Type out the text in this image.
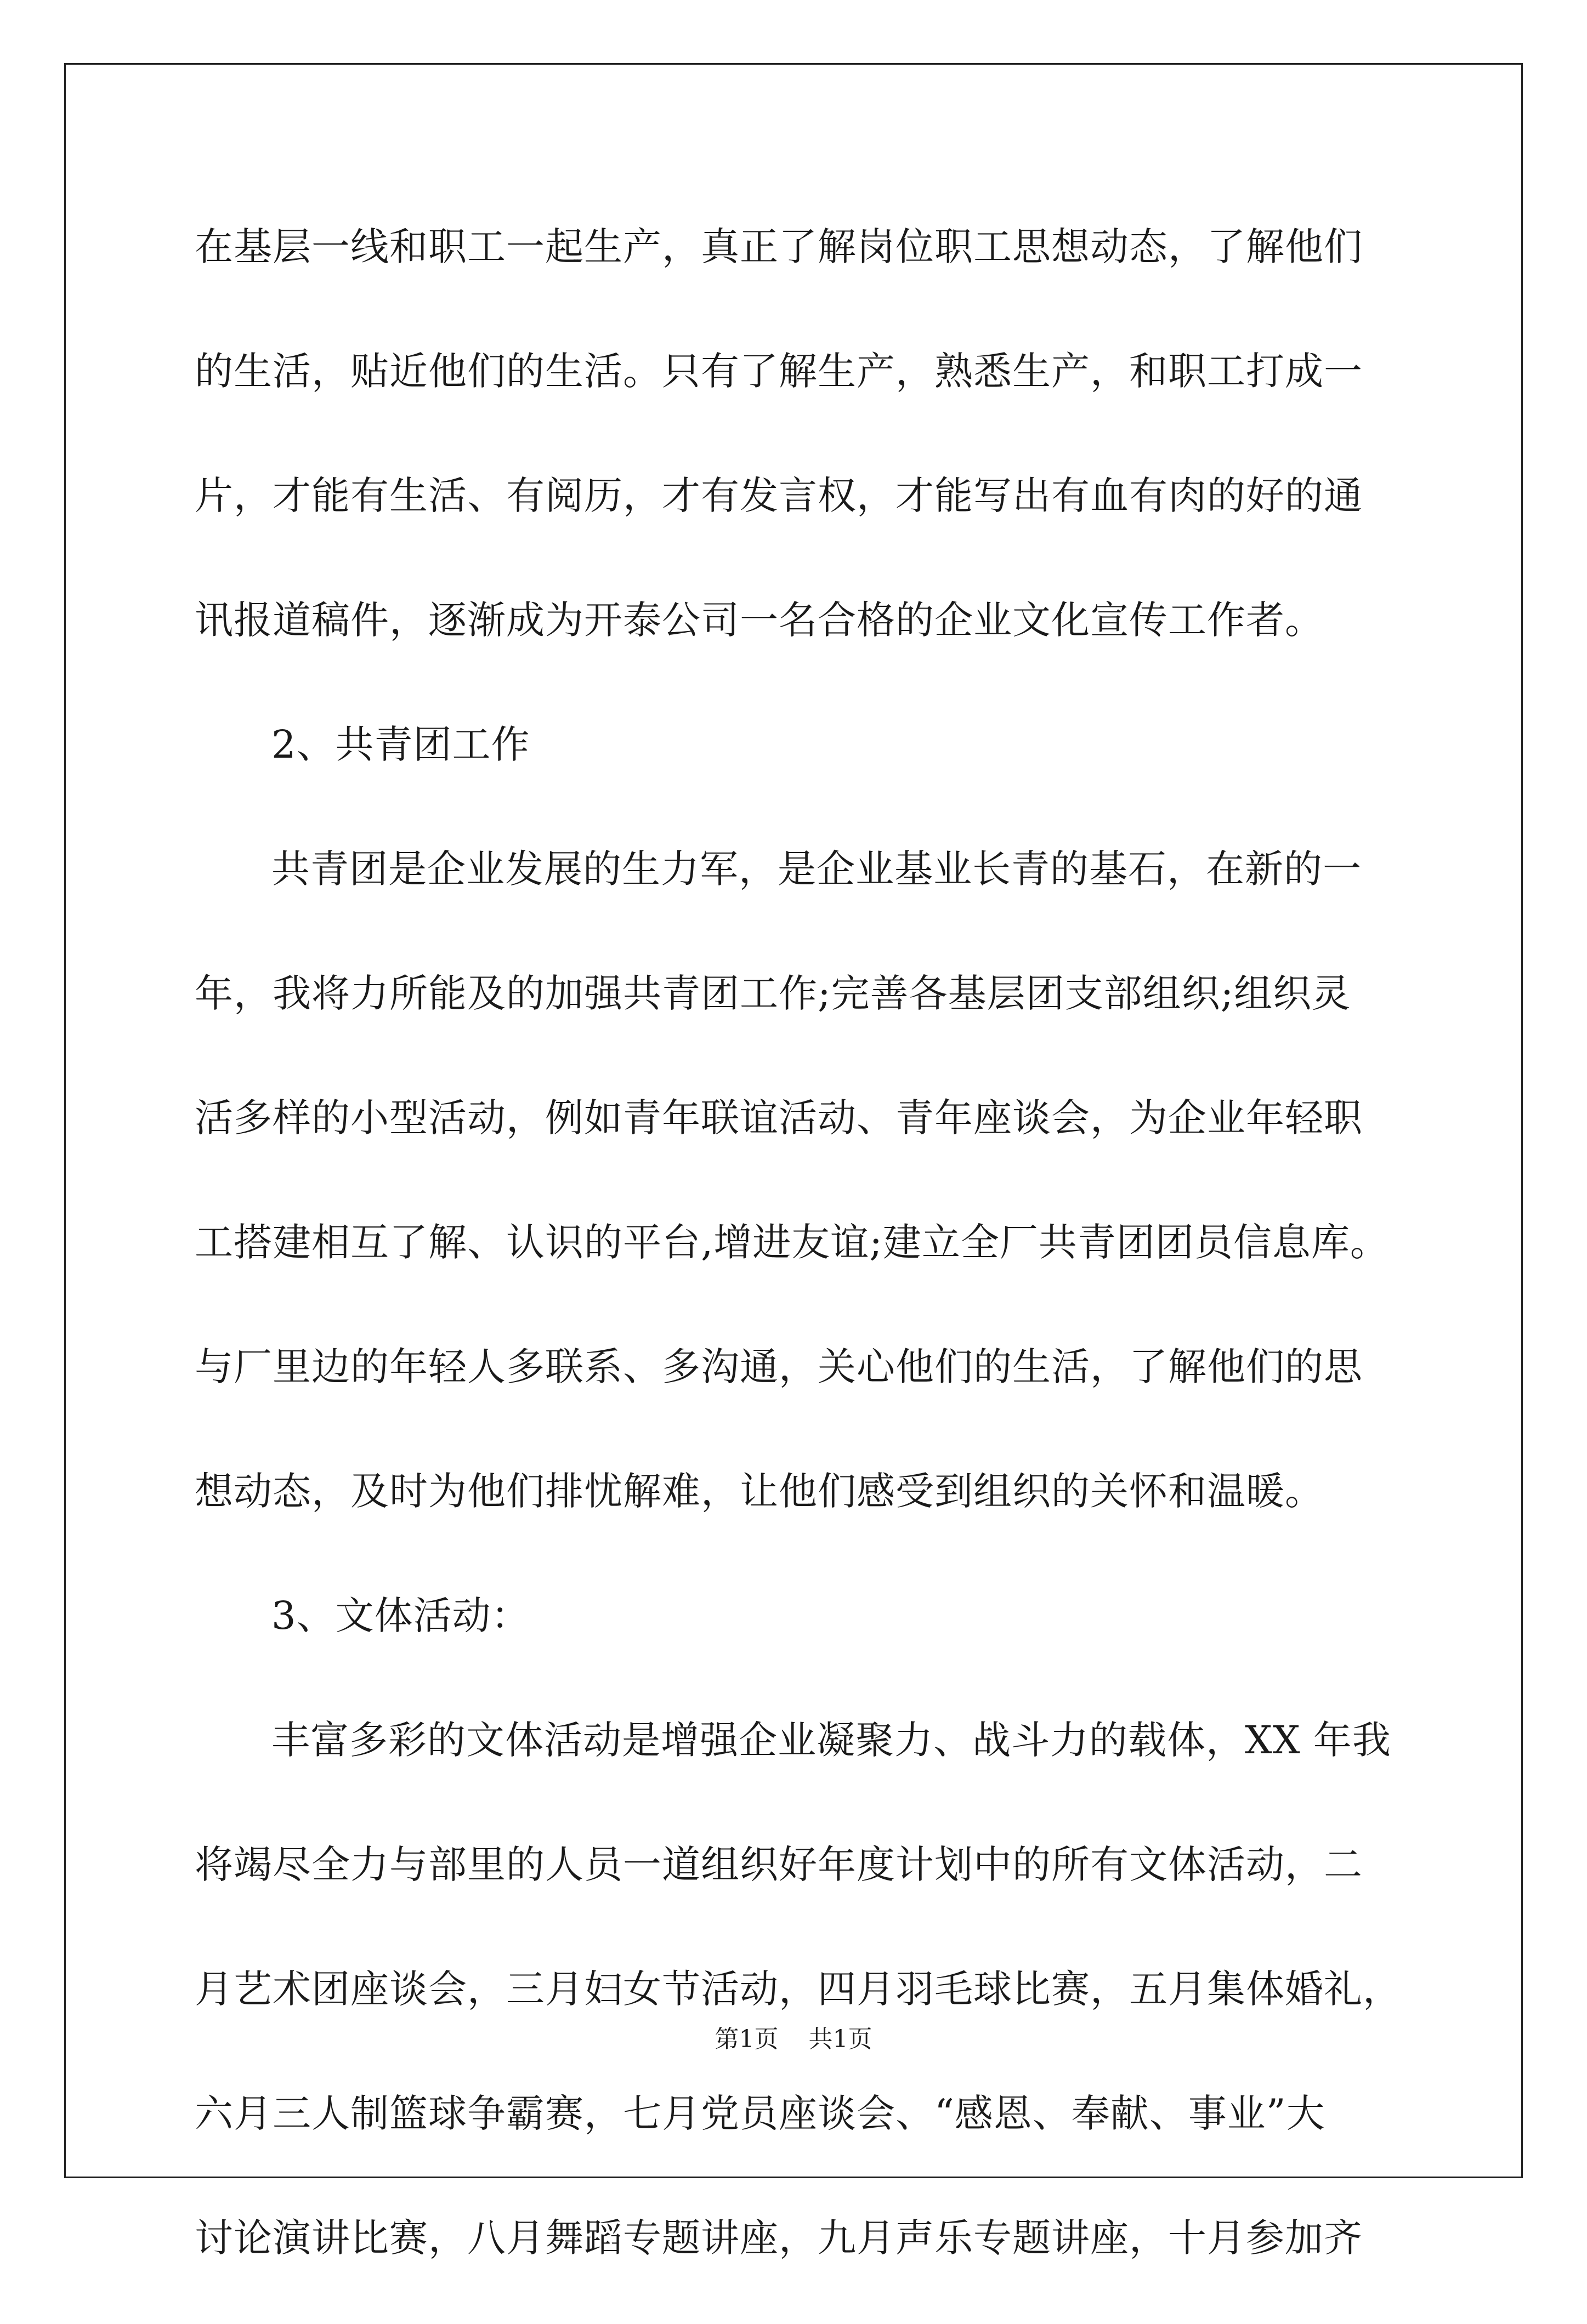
在基层一线和职工一起生产，真正了解岗位职工思想动态，了解他们
的生活，贴近他们的生活。只有了解生产，熟悉生产，和职工打成一
片，才能有生活、有阅历，才有发言权，才能写出有血有肉的好的通
讯报道稿件，逐渐成为开泰公司一名合格的企业文化宣传工作者。
2、共青团工作
共青团是企业发展的生力军，是企业基业长青的基石，在新的一
年，我将力所能及的加强共青团工作;完善各基层团支部组织;组织灵
活多样的小型活动，例如青年联谊活动、青年座谈会，为企业年轻职
工搭建相互了解、认识的平台,增进友谊;建立全厂共青团团员信息库。
与厂里边的年轻人多联系、多沟通，关心他们的生活，了解他们的思
想动态，及时为他们排忧解难，让他们感受到组织的关怀和温暖。
3、文体活动：
丰富多彩的文体活动是增强企业凝聚力、战斗力的载体，XX 年我
将竭尽全力与部里的人员一道组织好年度计划中的所有文体活动，二
月艺术团座谈会，三月妇女节活动，四月羽毛球比赛，五月集体婚礼，
六月三人制篮球争霸赛，七月党员座谈会、“感恩、奉献、事业”大
讨论演讲比赛，八月舞蹈专题讲座，九月声乐专题讲座，十月参加齐
第1页 共1页
